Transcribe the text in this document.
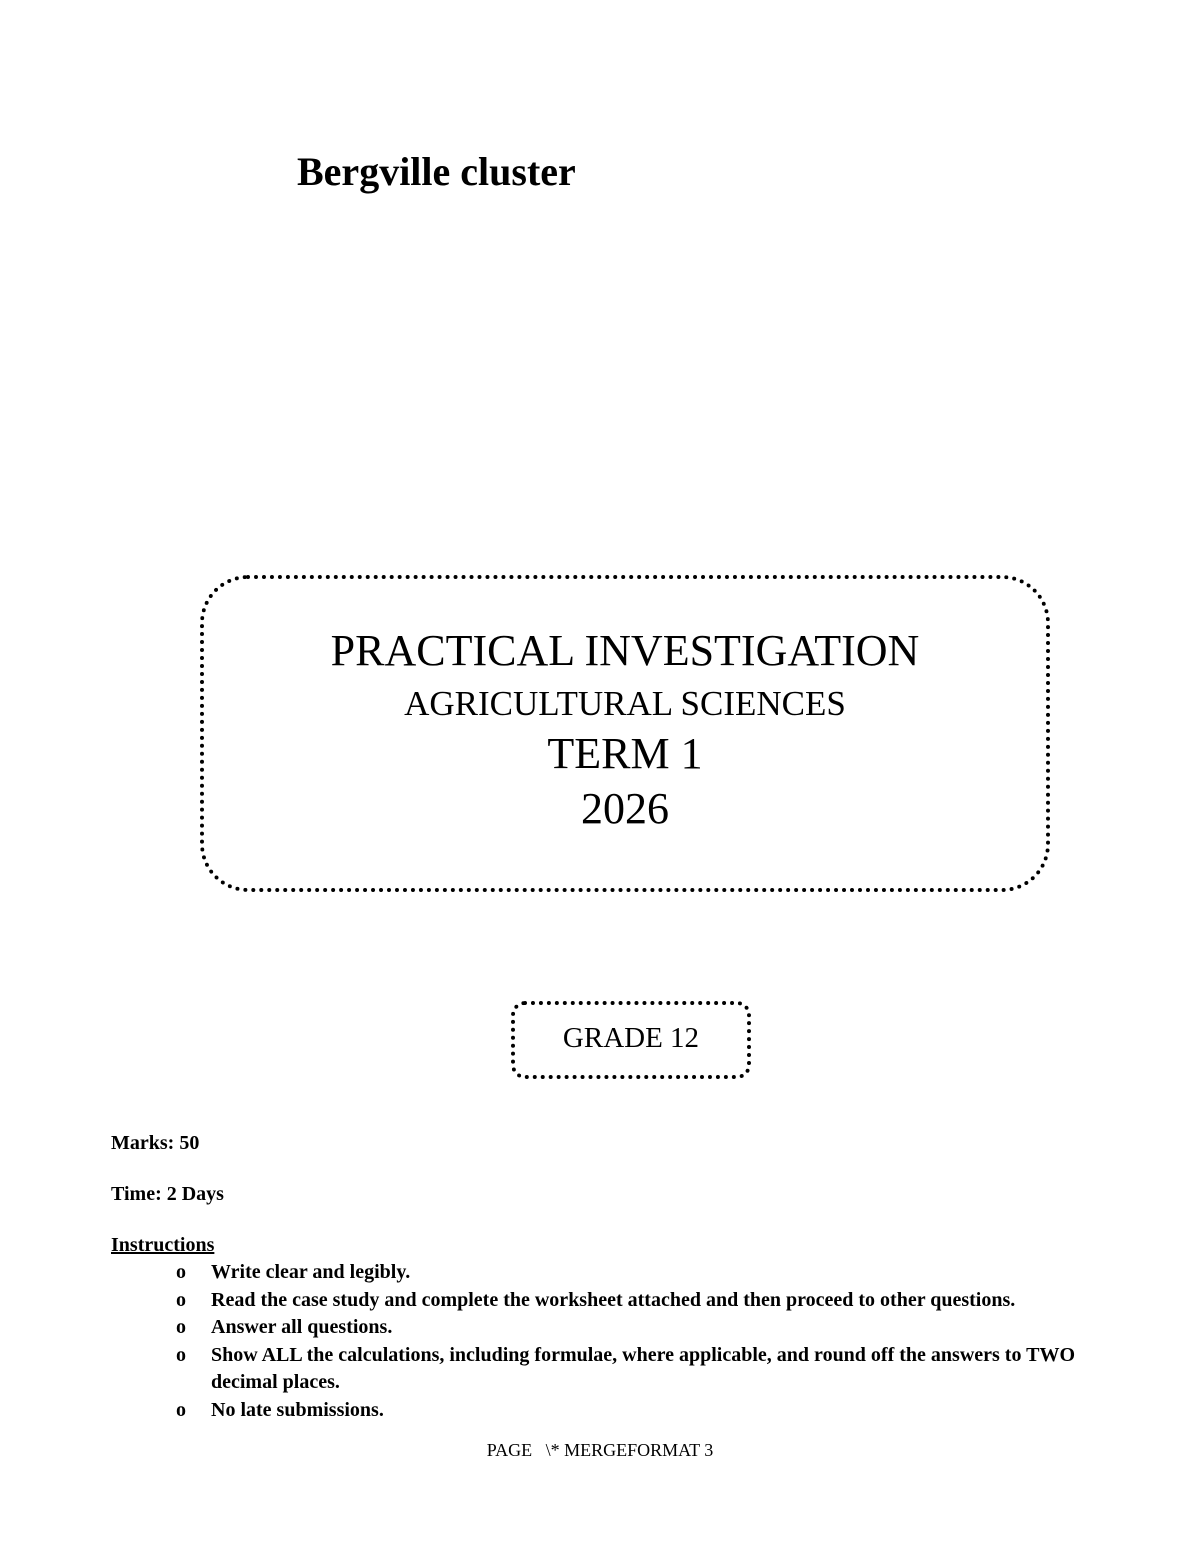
Bergville cluster
PRACTICAL INVESTIGATION
AGRICULTURAL SCIENCES
TERM 1
2026
GRADE 12
Marks: 50
Time: 2 Days
Instructions
o Write clear and legibly.
o Read the case study and complete the worksheet attached and then proceed to other questions.
o Answer all questions.
o Show ALL the calculations, including formulae, where applicable, and round off the answers to TWO decimal places.
o No late submissions.
PAGE   \* MERGEFORMAT 3
